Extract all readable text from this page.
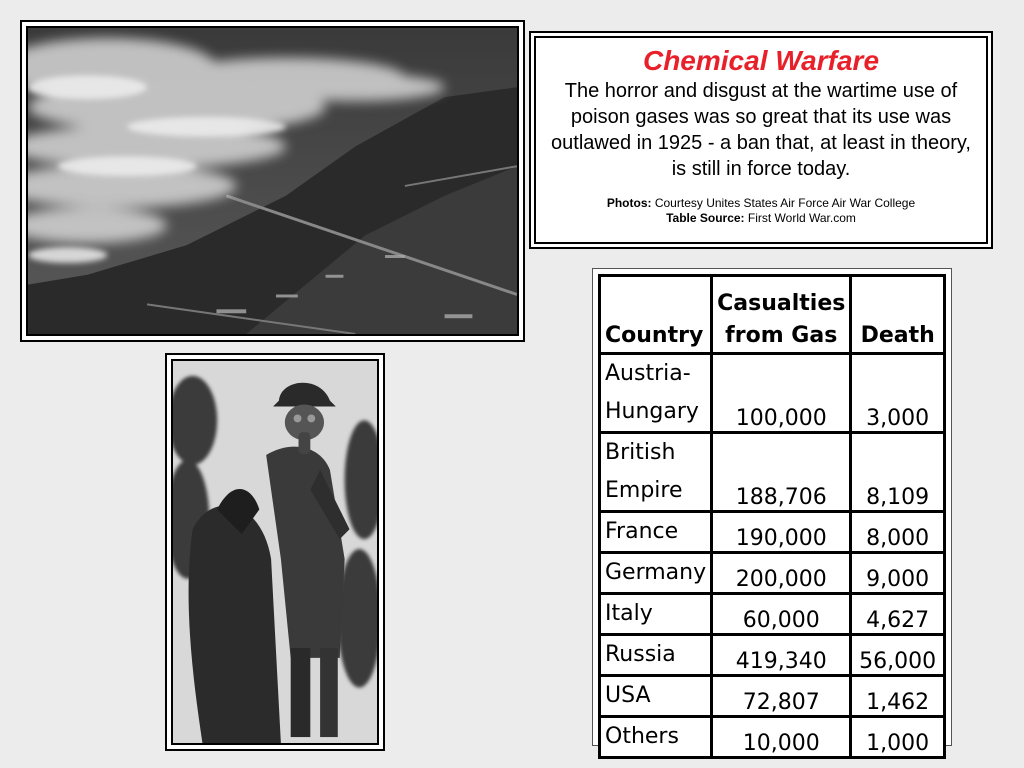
Chemical Warfare
The horror and disgust at the wartime use of poison gases was so great that its use was outlawed in 1925 - a ban that, at least in theory, is still in force today.
Photos: Courtesy Unites States Air Force Air War College
Table Source: First World War.com
Country	Casualties from Gas	Death
Austria-Hungary	100,000	3,000
British Empire	188,706	8,109
France	190,000	8,000
Germany	200,000	9,000
Italy	60,000	4,627
Russia	419,340	56,000
USA	72,807	1,462
Others	10,000	1,000
